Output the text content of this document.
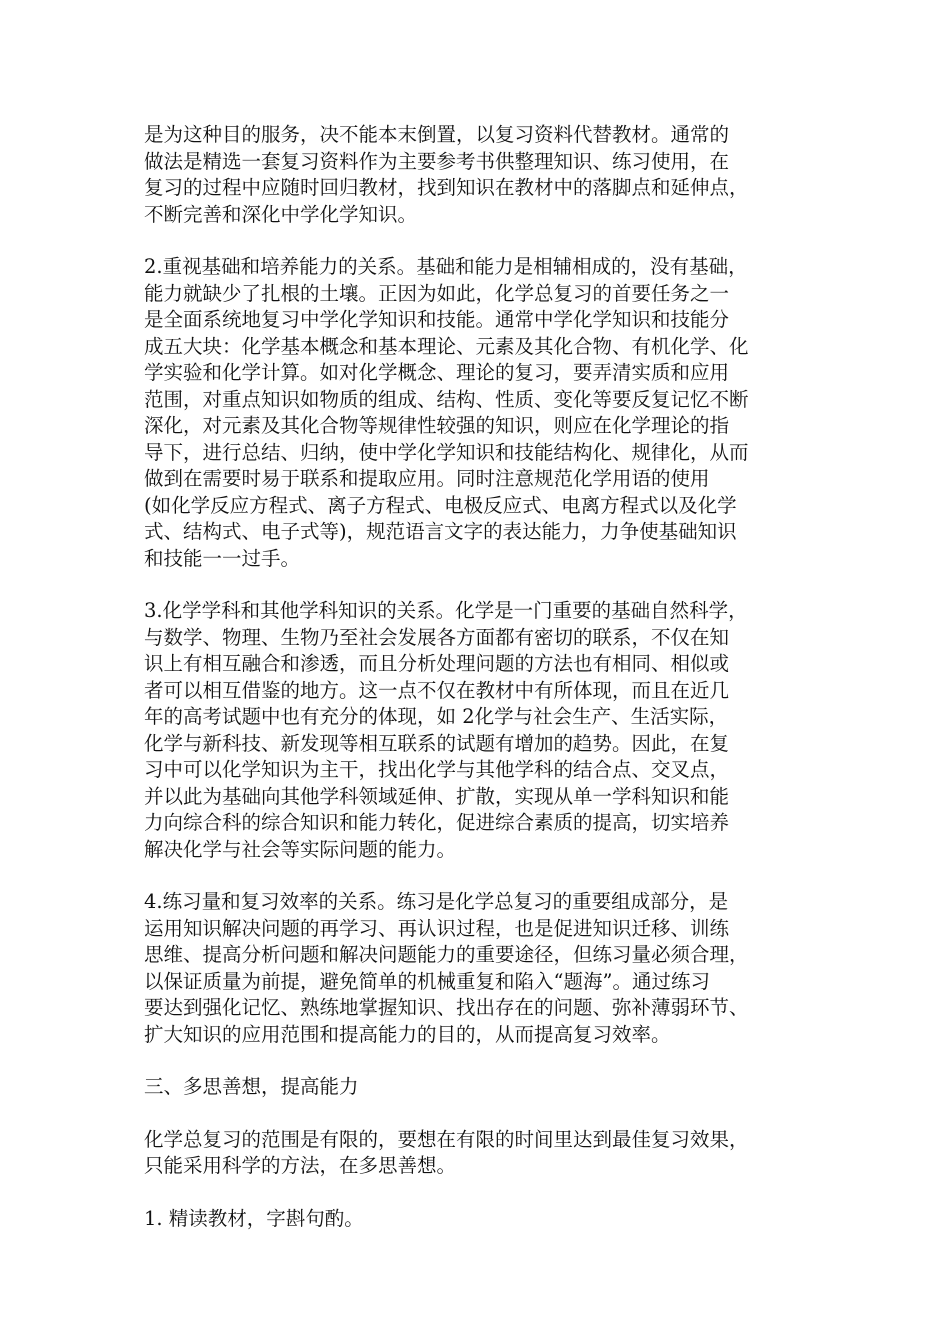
是为这种目的服务，决不能本末倒置，以复习资料代替教材。通常的
做法是精选一套复习资料作为主要参考书供整理知识、练习使用，在
复习的过程中应随时回归教材，找到知识在教材中的落脚点和延伸点，
不断完善和深化中学化学知识。

2.重视基础和培养能力的关系。基础和能力是相辅相成的，没有基础，
能力就缺少了扎根的土壤。正因为如此，化学总复习的首要任务之一
是全面系统地复习中学化学知识和技能。通常中学化学知识和技能分
成五大块：化学基本概念和基本理论、元素及其化合物、有机化学、化
学实验和化学计算。如对化学概念、理论的复习，要弄清实质和应用
范围，对重点知识如物质的组成、结构、性质、变化等要反复记忆不断
深化，对元素及其化合物等规律性较强的知识，则应在化学理论的指
导下，进行总结、归纳，使中学化学知识和技能结构化、规律化，从而
做到在需要时易于联系和提取应用。同时注意规范化学用语的使用
(如化学反应方程式、离子方程式、电极反应式、电离方程式以及化学
式、结构式、电子式等)，规范语言文字的表达能力，力争使基础知识
和技能一一过手。

3.化学学科和其他学科知识的关系。化学是一门重要的基础自然科学，
与数学、物理、生物乃至社会发展各方面都有密切的联系，不仅在知
识上有相互融合和渗透，而且分析处理问题的方法也有相同、相似或
者可以相互借鉴的地方。这一点不仅在教材中有所体现，而且在近几
年的高考试题中也有充分的体现，如 2化学与社会生产、生活实际，
化学与新科技、新发现等相互联系的试题有增加的趋势。因此，在复
习中可以化学知识为主干，找出化学与其他学科的结合点、交叉点，
并以此为基础向其他学科领域延伸、扩散，实现从单一学科知识和能
力向综合科的综合知识和能力转化，促进综合素质的提高，切实培养
解决化学与社会等实际问题的能力。

4.练习量和复习效率的关系。练习是化学总复习的重要组成部分，是
运用知识解决问题的再学习、再认识过程，也是促进知识迁移、训练
思维、提高分析问题和解决问题能力的重要途径，但练习量必须合理，
以保证质量为前提，避免简单的机械重复和陷入“题海”。通过练习
要达到强化记忆、熟练地掌握知识、找出存在的问题、弥补薄弱环节、
扩大知识的应用范围和提高能力的目的，从而提高复习效率。

三、多思善想，提高能力

化学总复习的范围是有限的，要想在有限的时间里达到最佳复习效果，
只能采用科学的方法，在多思善想。

1. 精读教材，字斟句酌。
